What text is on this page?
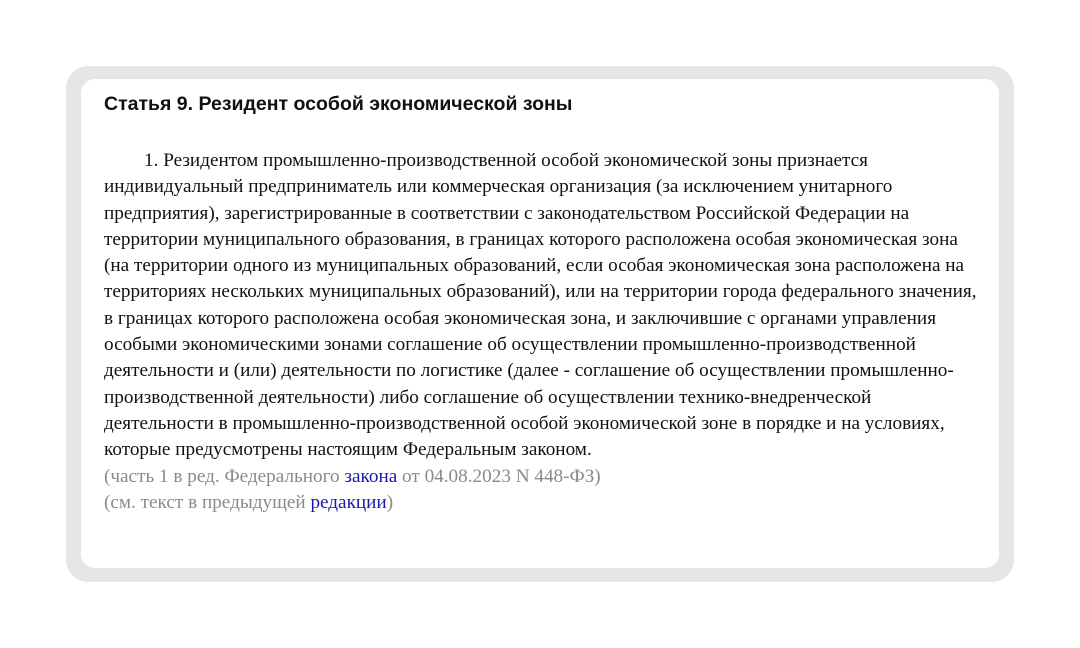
Статья 9. Резидент особой экономической зоны

1. Резидентом промышленно-производственной особой экономической зоны признается индивидуальный предприниматель или коммерческая организация (за исключением унитарного предприятия), зарегистрированные в соответствии с законодательством Российской Федерации на территории муниципального образования, в границах которого расположена особая экономическая зона (на территории одного из муниципальных образований, если особая экономическая зона расположена на территориях нескольких муниципальных образований), или на территории города федерального значения, в границах которого расположена особая экономическая зона, и заключившие с органами управления особыми экономическими зонами соглашение об осуществлении промышленно-производственной деятельности и (или) деятельности по логистике (далее - соглашение об осуществлении промышленно-производственной деятельности) либо соглашение об осуществлении технико-внедренческой деятельности в промышленно-производственной особой экономической зоне в порядке и на условиях, которые предусмотрены настоящим Федеральным законом.

(часть 1 в ред. Федерального закона от 04.08.2023 N 448-ФЗ)

(см. текст в предыдущей редакции)
